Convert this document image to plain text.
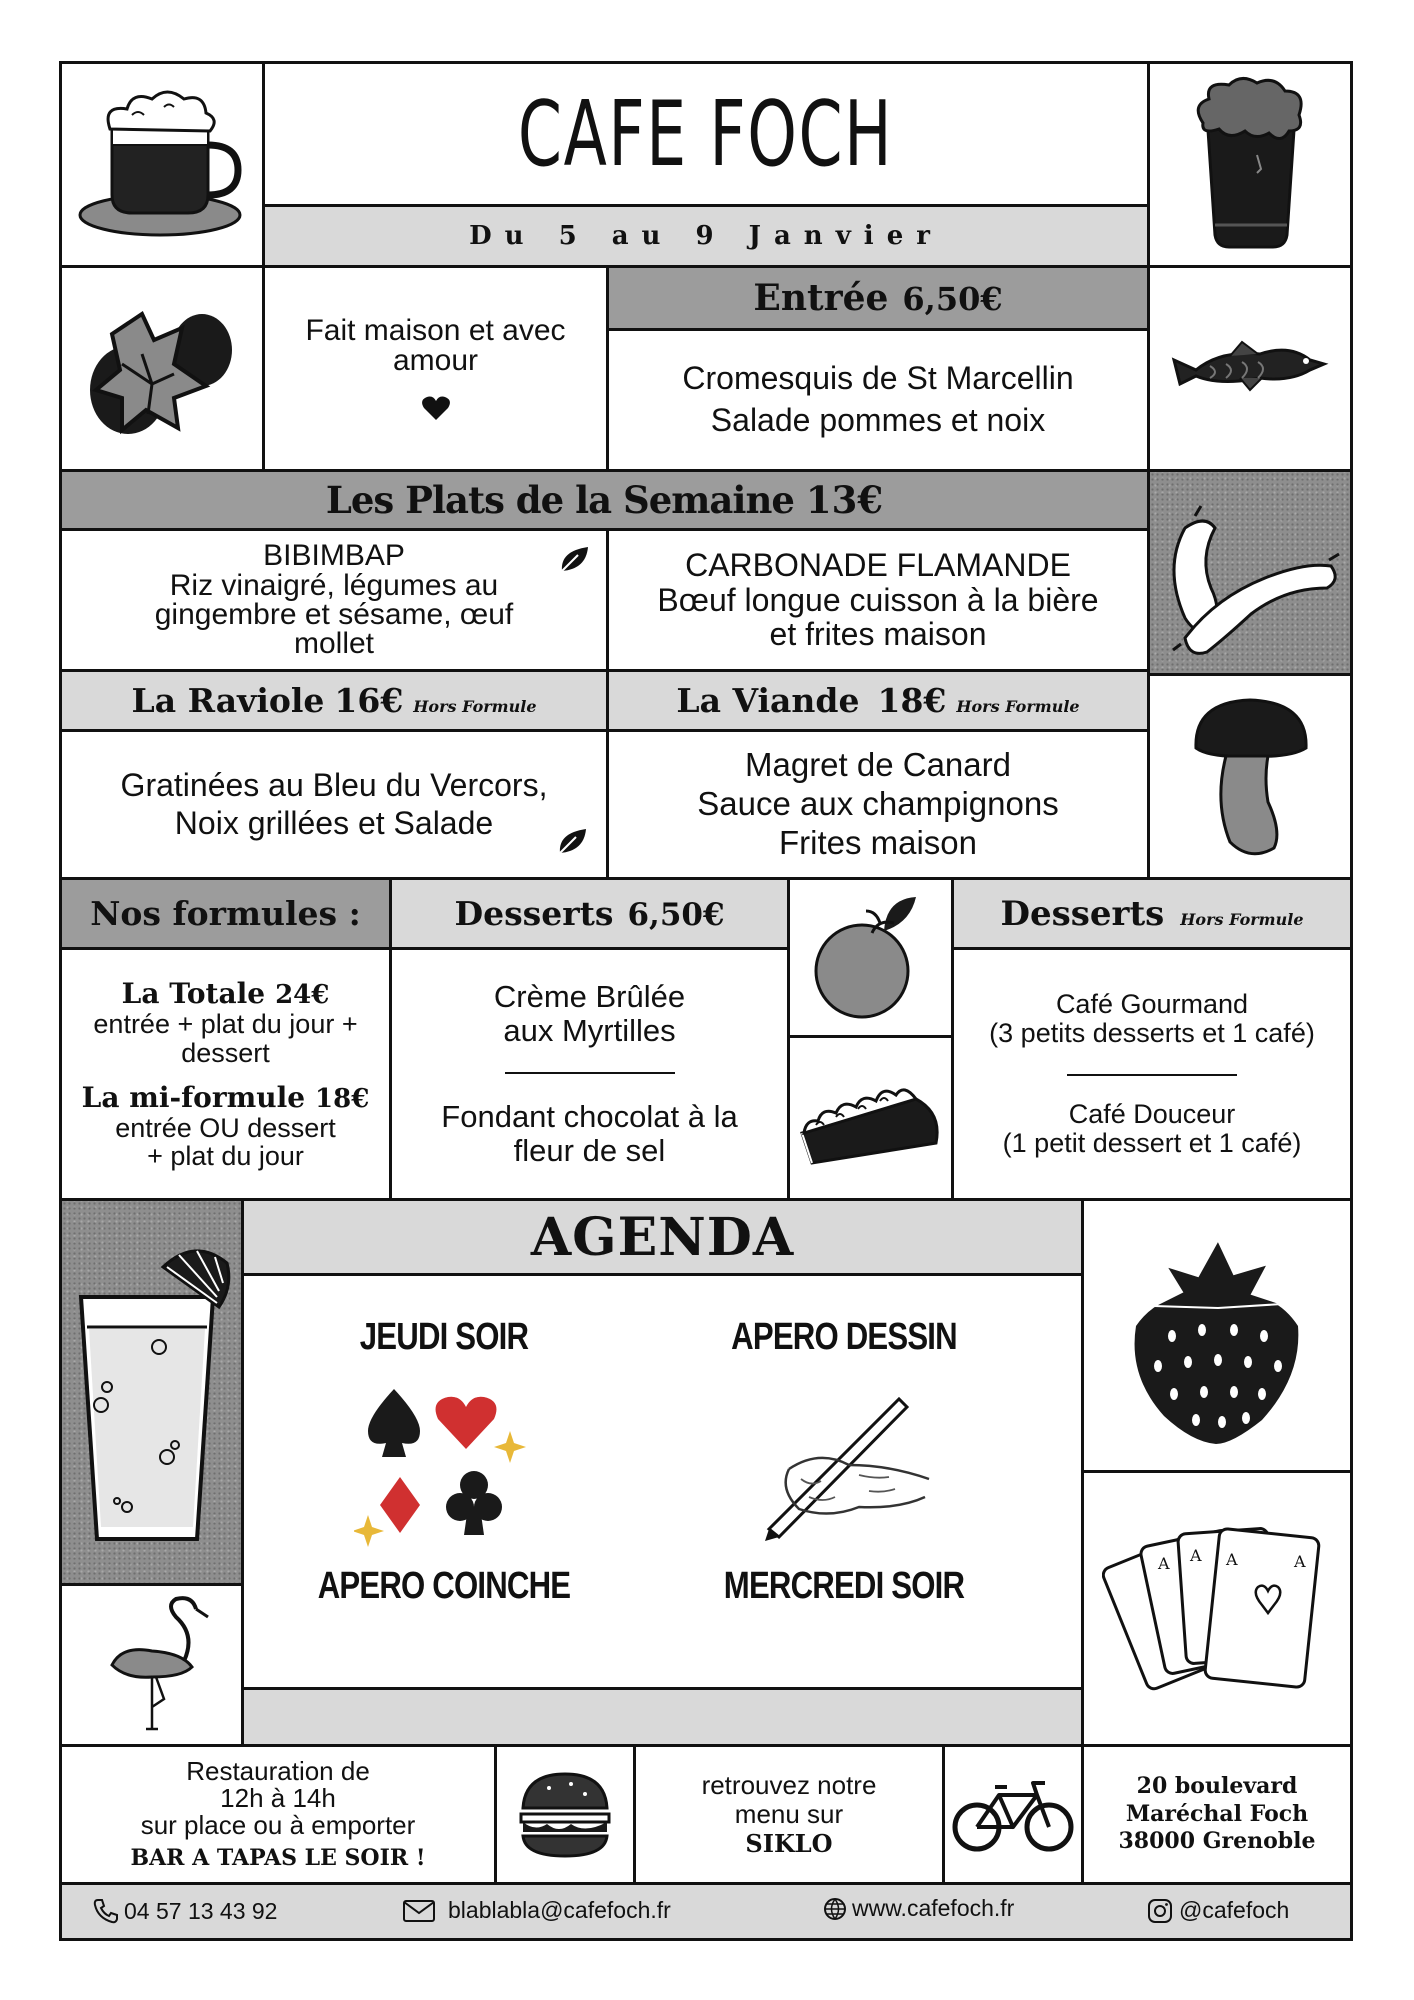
CAFE FOCH
Du 5 au 9 Janvier
Fait maison et avec amour
Entrée 6,50€
Cromesquis de St Marcellin
Salade pommes et noix
Les Plats de la Semaine 13€
BIBIMBAP
Riz vinaigré, légumes au
gingembre et sésame, œuf
mollet
CARBONADE FLAMANDE
Bœuf longue cuisson à la bière
et frites maison
La Raviole 16€ Hors Formule	La Viande 18€ Hors Formule
Gratinées au Bleu du Vercors,
Noix grillées et Salade
Magret de Canard
Sauce aux champignons
Frites maison
Nos formules :	Desserts 6,50€	Desserts Hors Formule
La Totale 24€
entrée + plat du jour +
dessert
La mi-formule 18€
entrée OU dessert
+ plat du jour
Crème Brûlée
aux Myrtilles
Fondant chocolat à la
fleur de sel
Café Gourmand
(3 petits desserts et 1 café)
Café Douceur
(1 petit dessert et 1 café)
AGENDA
JEUDI SOIR
APERO COINCHE
APERO DESSIN
MERCREDI SOIR
A
A
A	A
Restauration de
12h à 14h
sur place ou à emporter
BAR A TAPAS LE SOIR !
retrouvez notre
menu sur
SIKLO
20 boulevard
Maréchal Foch
38000 Grenoble
04 57 13 43 92	blablabla@cafefoch.fr	www.cafefoch.fr	@cafefoch
